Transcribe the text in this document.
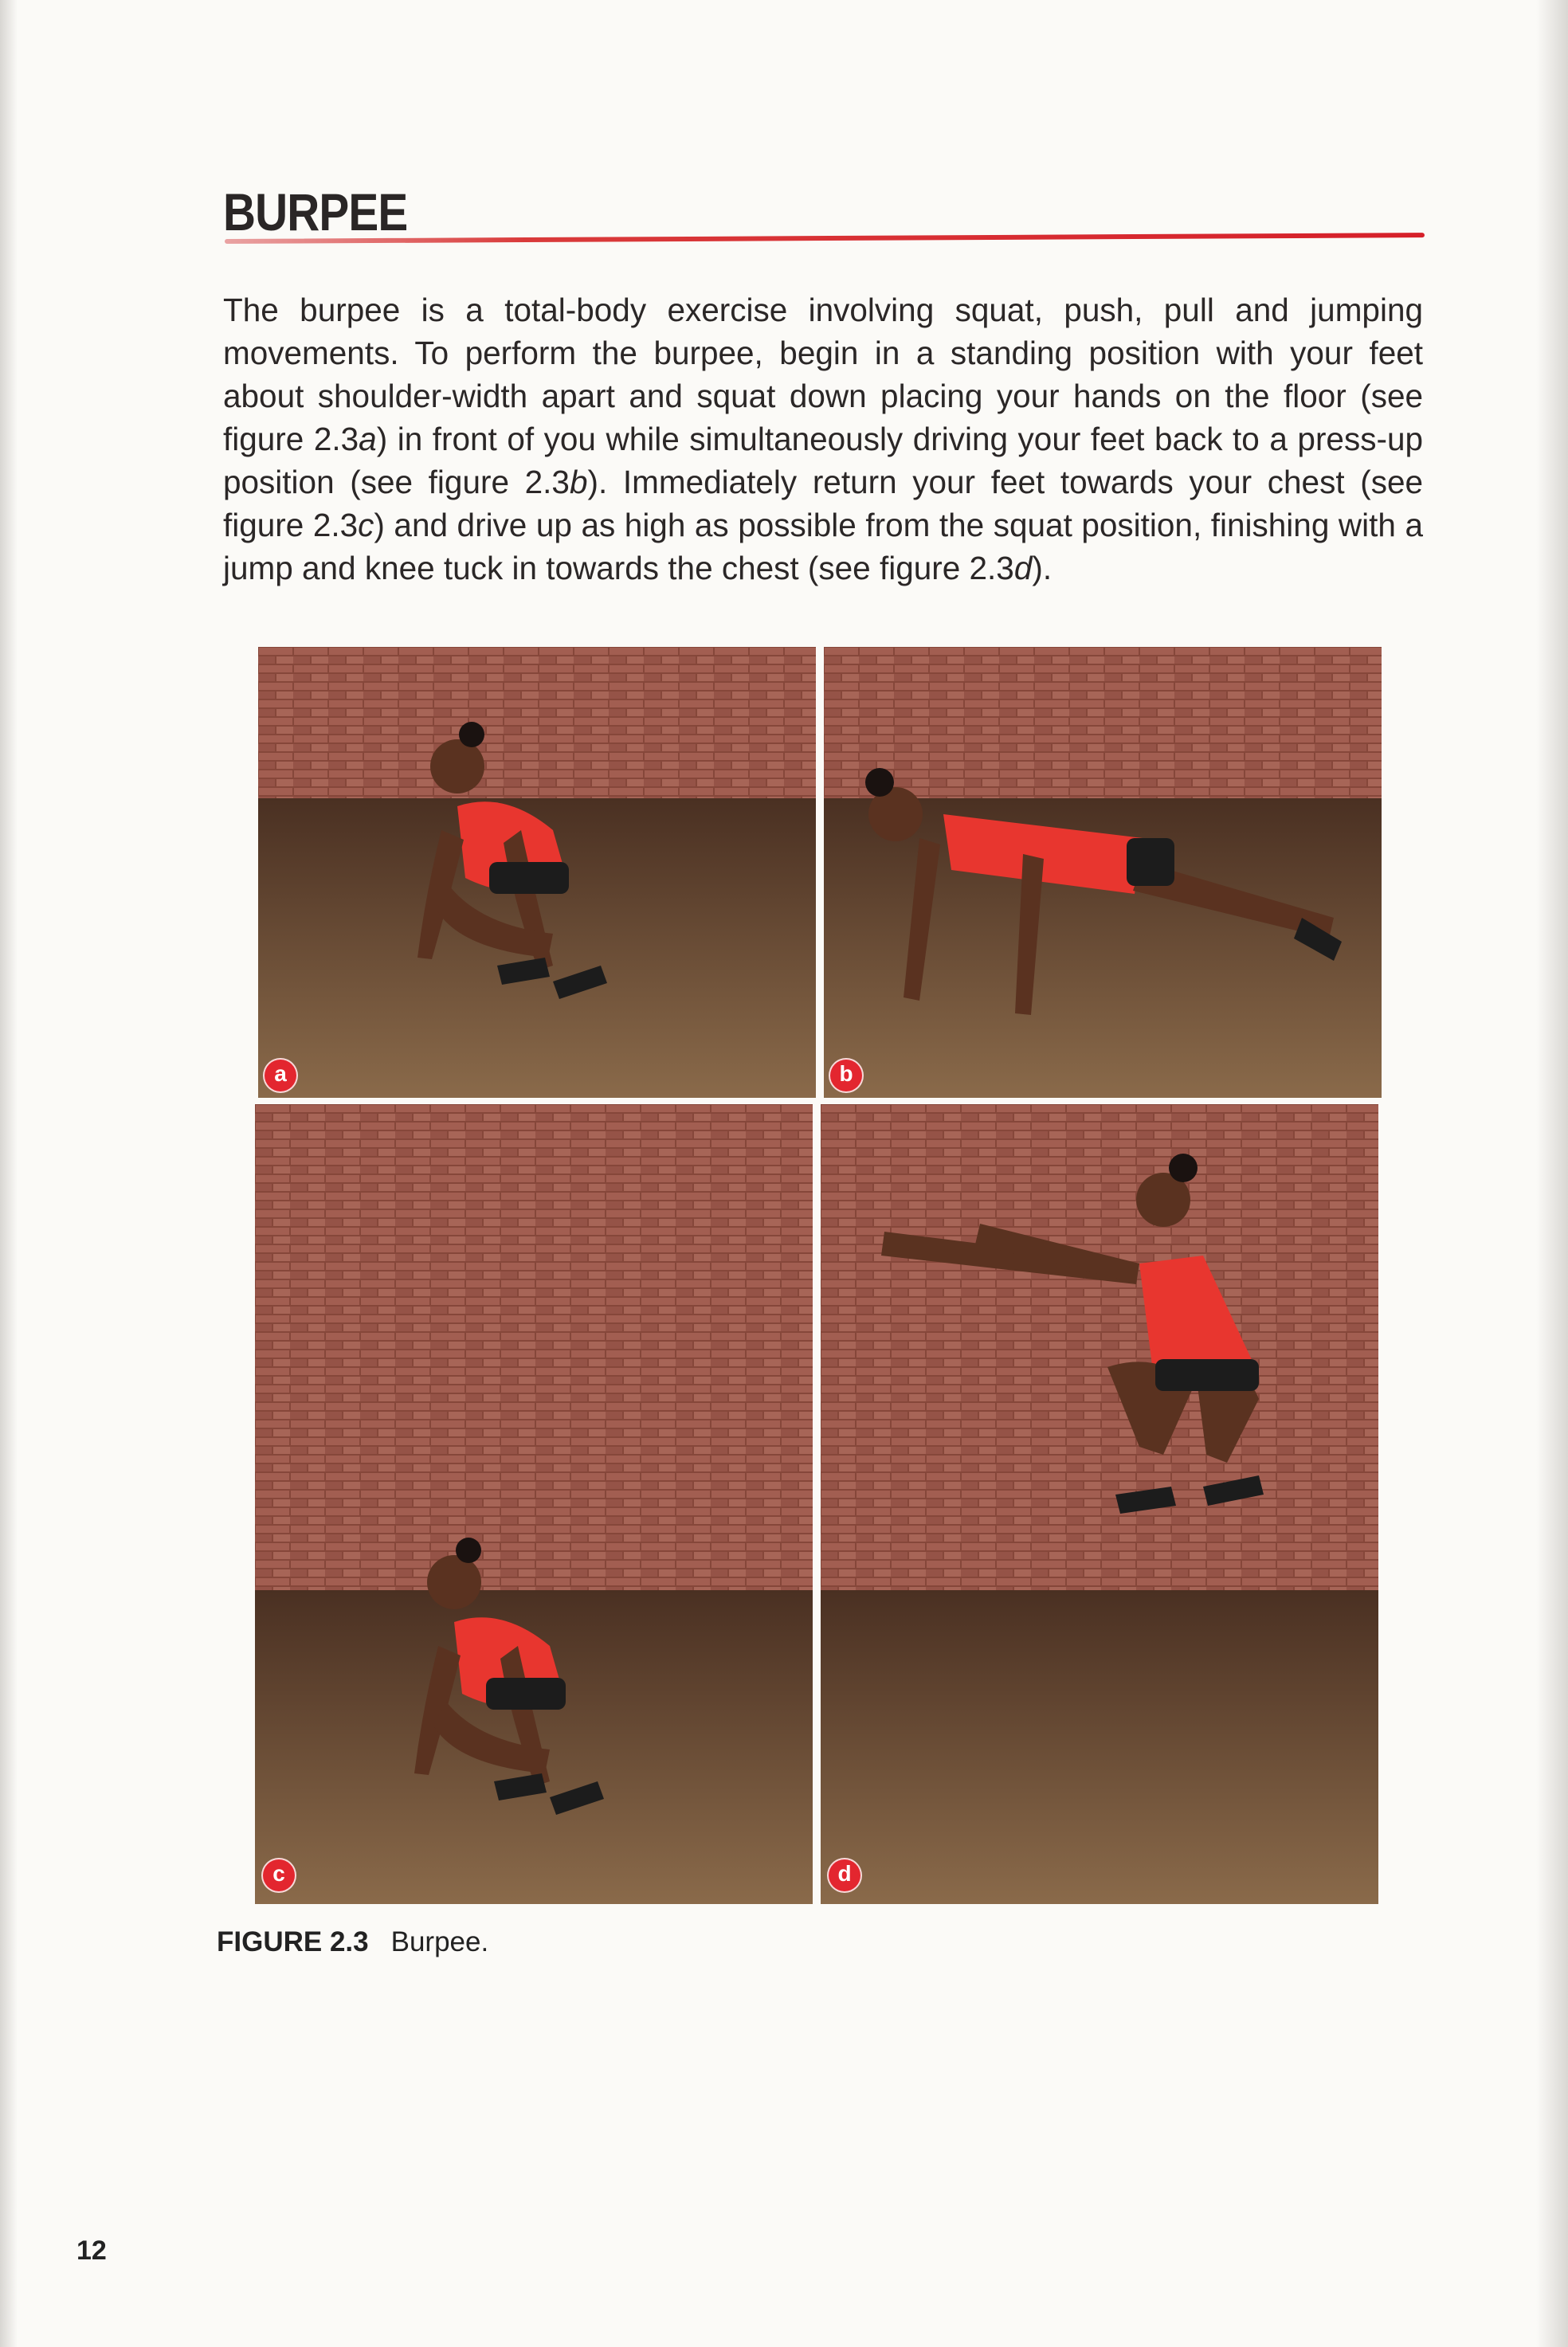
BURPEE

The burpee is a total-body exercise involving squat, push, pull and jumping movements. To perform the burpee, begin in a standing position with your feet about shoulder-width apart and squat down placing your hands on the floor (see figure 2.3a) in front of you while simultaneously driving your feet back to a press-up position (see figure 2.3b). Immediately return your feet towards your chest (see figure 2.3c) and drive up as high as possible from the squat position, finishing with a jump and knee tuck in towards the chest (see figure 2.3d).

a	b
c	d
FIGURE 2.3 Burpee.
12
